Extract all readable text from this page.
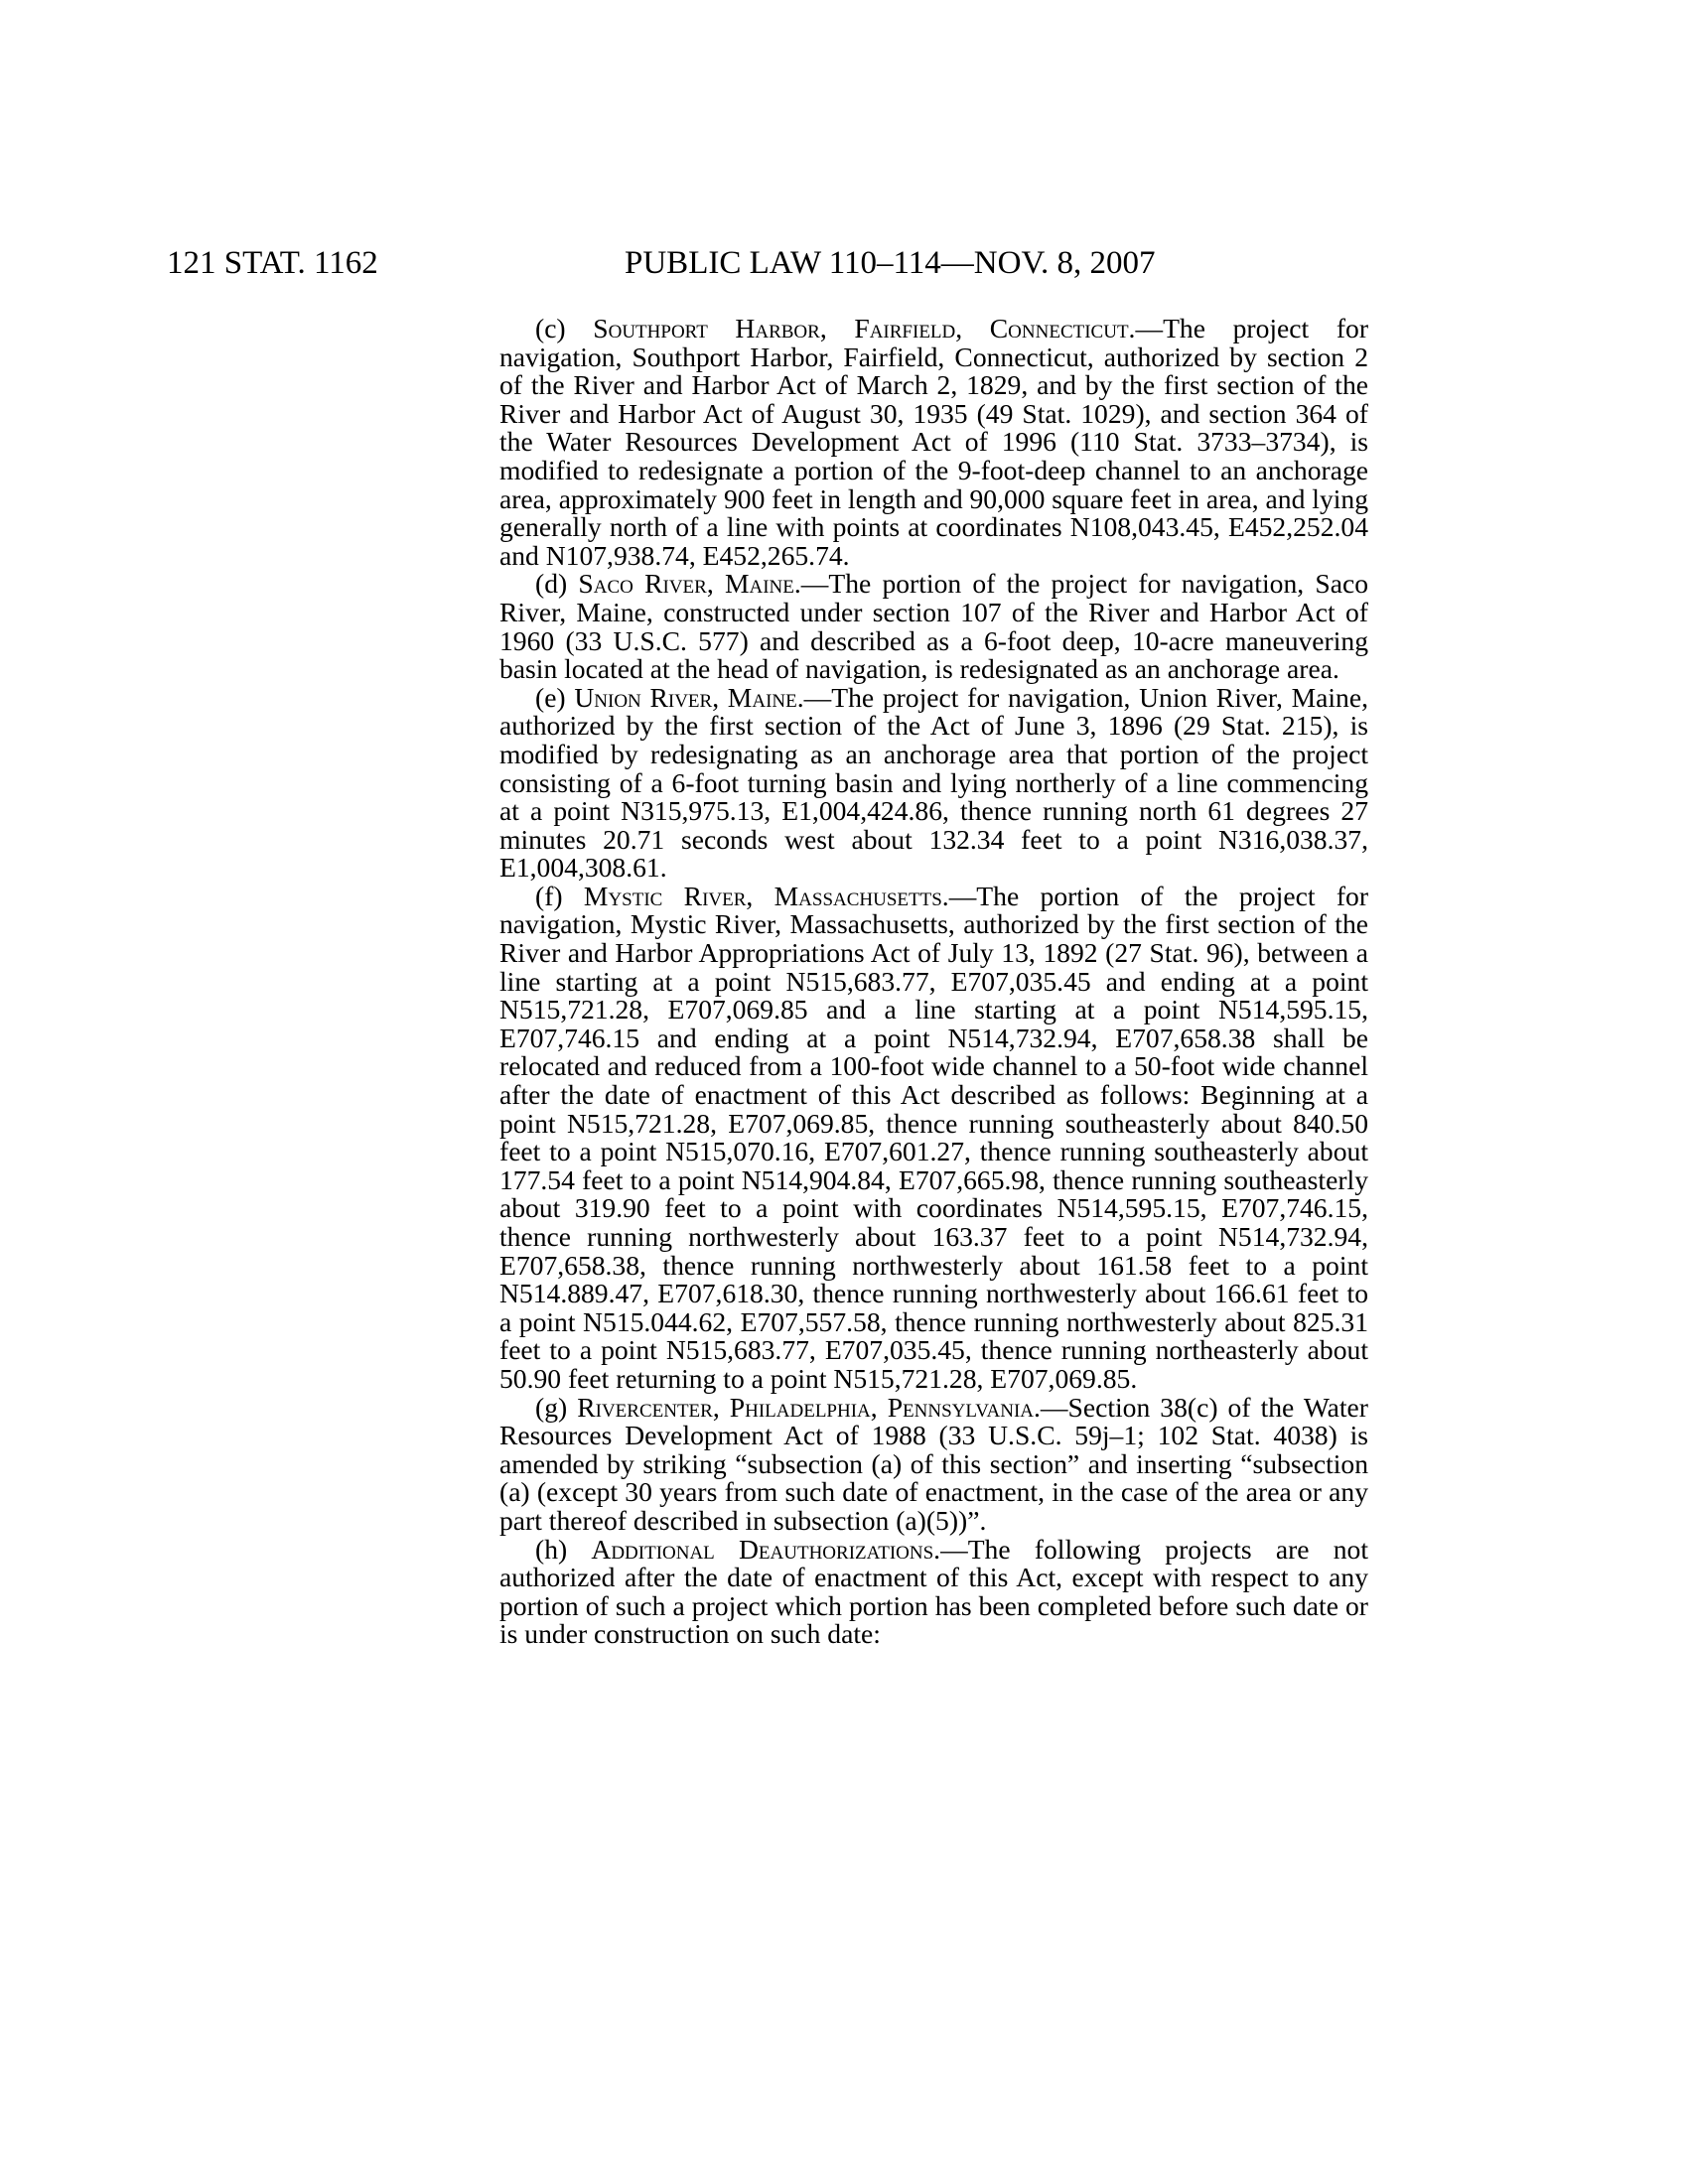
121 STAT. 1162	PUBLIC LAW 110–114—NOV. 8, 2007

(c) Southport Harbor, Fairfield, Connecticut.—The project for navigation, Southport Harbor, Fairfield, Connecticut, authorized by section 2 of the River and Harbor Act of March 2, 1829, and by the first section of the River and Harbor Act of August 30, 1935 (49 Stat. 1029), and section 364 of the Water Resources Development Act of 1996 (110 Stat. 3733–3734), is modified to redesignate a portion of the 9-foot-deep channel to an anchorage area, approximately 900 feet in length and 90,000 square feet in area, and lying generally north of a line with points at coordinates N108,043.45, E452,252.04 and N107,938.74, E452,265.74.

(d) Saco River, Maine.—The portion of the project for navigation, Saco River, Maine, constructed under section 107 of the River and Harbor Act of 1960 (33 U.S.C. 577) and described as a 6-foot deep, 10-acre maneuvering basin located at the head of navigation, is redesignated as an anchorage area.

(e) Union River, Maine.—The project for navigation, Union River, Maine, authorized by the first section of the Act of June 3, 1896 (29 Stat. 215), is modified by redesignating as an anchorage area that portion of the project consisting of a 6-foot turning basin and lying northerly of a line commencing at a point N315,975.13, E1,004,424.86, thence running north 61 degrees 27 minutes 20.71 seconds west about 132.34 feet to a point N316,038.37, E1,004,308.61.

(f) Mystic River, Massachusetts.—The portion of the project for navigation, Mystic River, Massachusetts, authorized by the first section of the River and Harbor Appropriations Act of July 13, 1892 (27 Stat. 96), between a line starting at a point N515,683.77, E707,035.45 and ending at a point N515,721.28, E707,069.85 and a line starting at a point N514,595.15, E707,746.15 and ending at a point N514,732.94, E707,658.38 shall be relocated and reduced from a 100-foot wide channel to a 50-foot wide channel after the date of enactment of this Act described as follows: Beginning at a point N515,721.28, E707,069.85, thence running southeasterly about 840.50 feet to a point N515,070.16, E707,601.27, thence running southeasterly about 177.54 feet to a point N514,904.84, E707,665.98, thence running southeasterly about 319.90 feet to a point with coordinates N514,595.15, E707,746.15, thence running northwesterly about 163.37 feet to a point N514,732.94, E707,658.38, thence running northwesterly about 161.58 feet to a point N514.889.47, E707,618.30, thence running northwesterly about 166.61 feet to a point N515.044.62, E707,557.58, thence running northwesterly about 825.31 feet to a point N515,683.77, E707,035.45, thence running northeasterly about 50.90 feet returning to a point N515,721.28, E707,069.85.

(g) Rivercenter, Philadelphia, Pennsylvania.—Section 38(c) of the Water Resources Development Act of 1988 (33 U.S.C. 59j–1; 102 Stat. 4038) is amended by striking “subsection (a) of this section” and inserting “subsection (a) (except 30 years from such date of enactment, in the case of the area or any part thereof described in subsection (a)(5))”.

(h) Additional Deauthorizations.—The following projects are not authorized after the date of enactment of this Act, except with respect to any portion of such a project which portion has been completed before such date or is under construction on such date:
